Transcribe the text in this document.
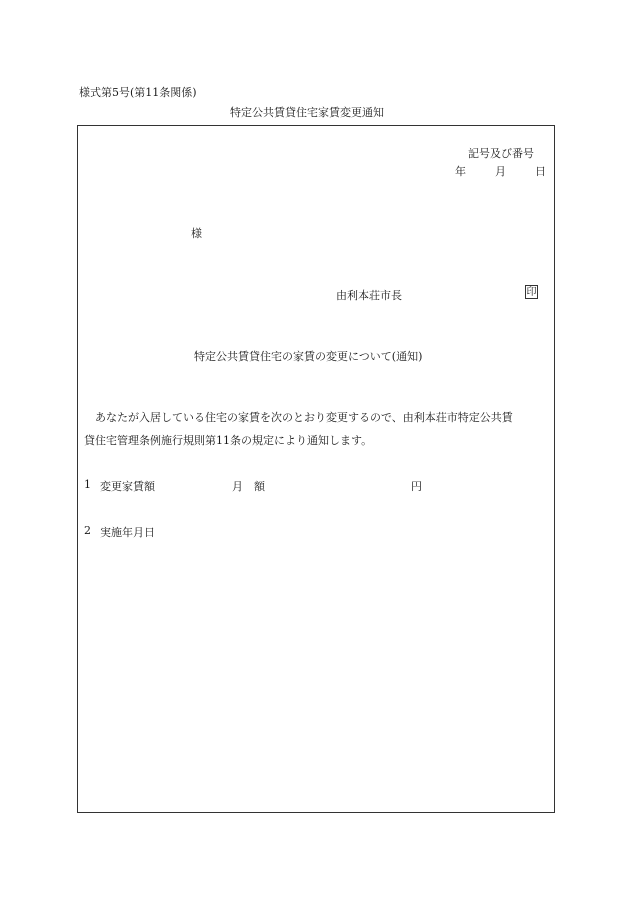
様式第5号(第11条関係)
特定公共賃貸住宅家賃変更通知
記号及び番号
年	月	日
様
由利本荘市長	印
特定公共賃貸住宅の家賃の変更について(通知)
あなたが入居している住宅の家賃を次のとおり変更するので、由利本荘市特定公共賃
貸住宅管理条例施行規則第11条の規定により通知します。
1 変更家賃額	月　額	円
2 実施年月日
